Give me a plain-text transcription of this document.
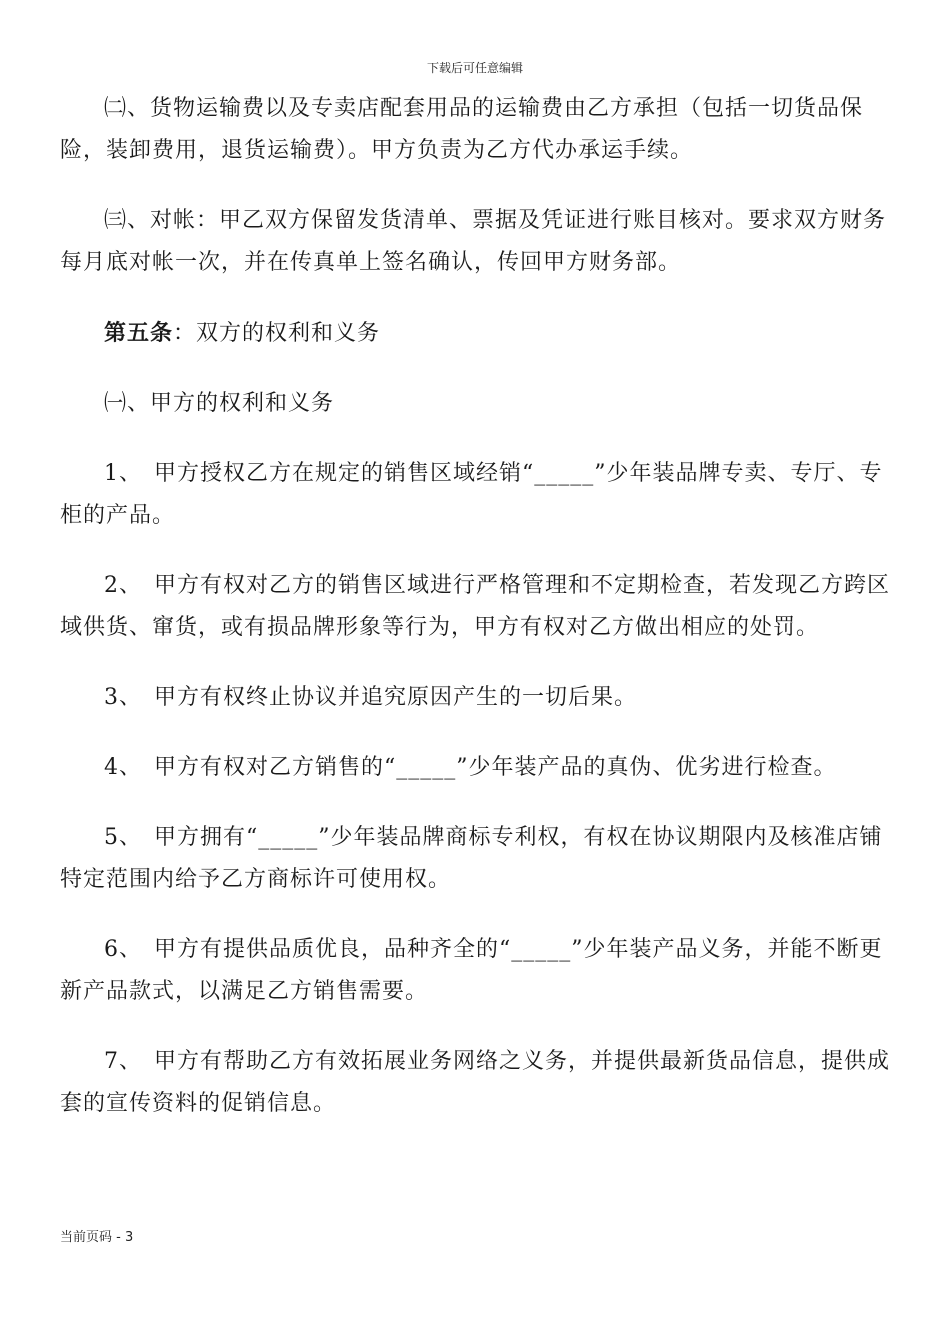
下载后可任意编辑

㈡、货物运输费以及专卖店配套用品的运输费由乙方承担（包括一切货品保险，装卸费用，退货运输费）。甲方负责为乙方代办承运手续。

㈢、对帐：甲乙双方保留发货清单、票据及凭证进行账目核对。要求双方财务每月底对帐一次，并在传真单上签名确认，传回甲方财务部。

第五条：双方的权利和义务

㈠、甲方的权利和义务

1、　甲方授权乙方在规定的销售区域经销“_____”少年装品牌专卖、专厅、专柜的产品。

2、　甲方有权对乙方的销售区域进行严格管理和不定期检查，若发现乙方跨区域供货、窜货，或有损品牌形象等行为，甲方有权对乙方做出相应的处罚。

3、　甲方有权终止协议并追究原因产生的一切后果。

4、　甲方有权对乙方销售的“_____”少年装产品的真伪、优劣进行检查。

5、　甲方拥有“_____”少年装品牌商标专利权，有权在协议期限内及核准店铺特定范围内给予乙方商标许可使用权。

6、　甲方有提供品质优良，品种齐全的“_____”少年装产品义务，并能不断更新产品款式，以满足乙方销售需要。

7、　甲方有帮助乙方有效拓展业务网络之义务，并提供最新货品信息，提供成套的宣传资料的促销信息。

当前页码 - 3
